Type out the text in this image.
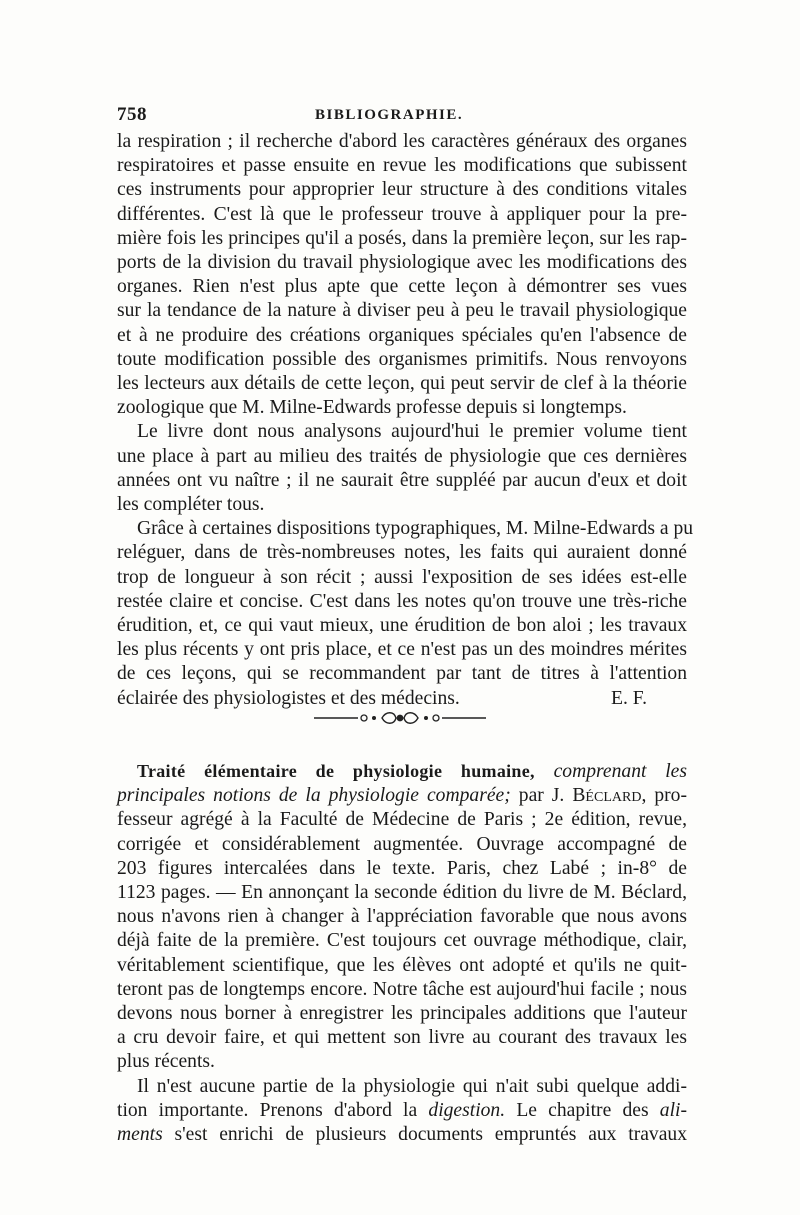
758	BIBLIOGRAPHIE.
la respiration ; il recherche d'abord les caractères généraux des organes
respiratoires et passe ensuite en revue les modifications que subissent
ces instruments pour approprier leur structure à des conditions vitales
différentes. C'est là que le professeur trouve à appliquer pour la pre-
mière fois les principes qu'il a posés, dans la première leçon, sur les rap-
ports de la division du travail physiologique avec les modifications des
organes. Rien n'est plus apte que cette leçon à démontrer ses vues
sur la tendance de la nature à diviser peu à peu le travail physiologique
et à ne produire des créations organiques spéciales qu'en l'absence de
toute modification possible des organismes primitifs. Nous renvoyons
les lecteurs aux détails de cette leçon, qui peut servir de clef à la théorie
zoologique que M. Milne-Edwards professe depuis si longtemps.
Le livre dont nous analysons aujourd'hui le premier volume tient
une place à part au milieu des traités de physiologie que ces dernières
années ont vu naître ; il ne saurait être suppléé par aucun d'eux et doit
les compléter tous.
Grâce à certaines dispositions typographiques, M. Milne-Edwards a pu
reléguer, dans de très-nombreuses notes, les faits qui auraient donné
trop de longueur à son récit ; aussi l'exposition de ses idées est-elle
restée claire et concise. C'est dans les notes qu'on trouve une très-riche
érudition, et, ce qui vaut mieux, une érudition de bon aloi ; les travaux
les plus récents y ont pris place, et ce n'est pas un des moindres mérites
de ces leçons, qui se recommandent par tant de titres à l'attention
éclairée des physiologistes et des médecins.	E. F.
Traité élémentaire de physiologie humaine, comprenant les
principales notions de la physiologie comparée; par J. Béclard, pro-
fesseur agrégé à la Faculté de Médecine de Paris ; 2e édition, revue,
corrigée et considérablement augmentée. Ouvrage accompagné de
203 figures intercalées dans le texte. Paris, chez Labé ; in-8° de
1123 pages. — En annonçant la seconde édition du livre de M. Béclard,
nous n'avons rien à changer à l'appréciation favorable que nous avons
déjà faite de la première. C'est toujours cet ouvrage méthodique, clair,
véritablement scientifique, que les élèves ont adopté et qu'ils ne quit-
teront pas de longtemps encore. Notre tâche est aujourd'hui facile ; nous
devons nous borner à enregistrer les principales additions que l'auteur
a cru devoir faire, et qui mettent son livre au courant des travaux les
plus récents.
Il n'est aucune partie de la physiologie qui n'ait subi quelque addi-
tion importante. Prenons d'abord la digestion. Le chapitre des ali-
ments s'est enrichi de plusieurs documents empruntés aux travaux
